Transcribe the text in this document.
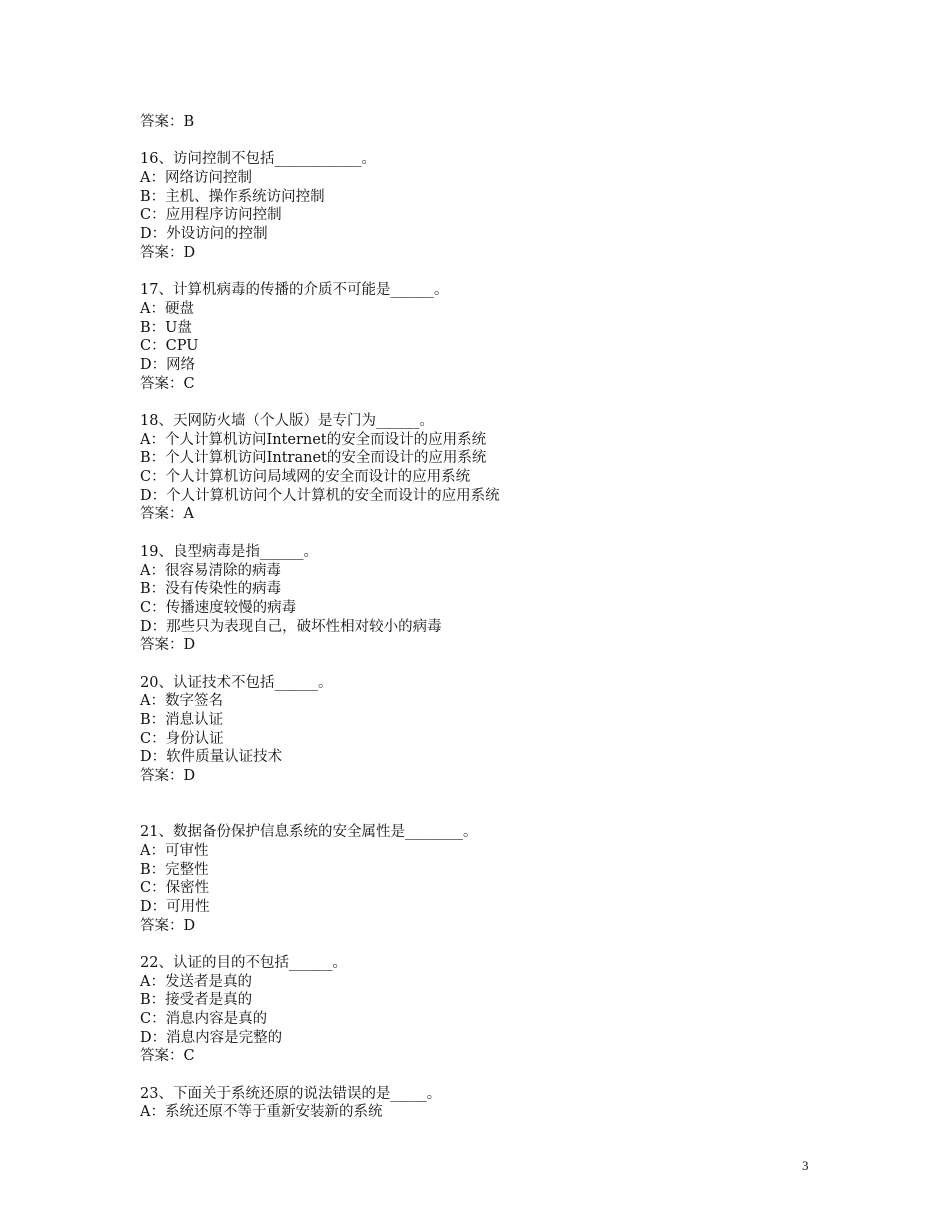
答案：B
16、访问控制不包括____________。
A：网络访问控制
B：主机、操作系统访问控制
C：应用程序访问控制
D：外设访问的控制
答案：D
17、计算机病毒的传播的介质不可能是______。
A：硬盘
B：U盘
C：CPU
D：网络
答案：C
18、天网防火墙（个人版）是专门为______。
A：个人计算机访问Internet的安全而设计的应用系统
B：个人计算机访问Intranet的安全而设计的应用系统
C：个人计算机访问局域网的安全而设计的应用系统
D：个人计算机访问个人计算机的安全而设计的应用系统
答案：A
19、良型病毒是指______。
A：很容易清除的病毒
B：没有传染性的病毒
C：传播速度较慢的病毒
D：那些只为表现自己，破坏性相对较小的病毒
答案：D
20、认证技术不包括______。
A：数字签名
B：消息认证
C：身份认证
D：软件质量认证技术
答案：D
21、数据备份保护信息系统的安全属性是________。
A：可审性
B：完整性
C：保密性
D：可用性
答案：D
22、认证的目的不包括______。
A：发送者是真的
B：接受者是真的
C：消息内容是真的
D：消息内容是完整的
答案：C
23、下面关于系统还原的说法错误的是_____。
A：系统还原不等于重新安装新的系统
3
